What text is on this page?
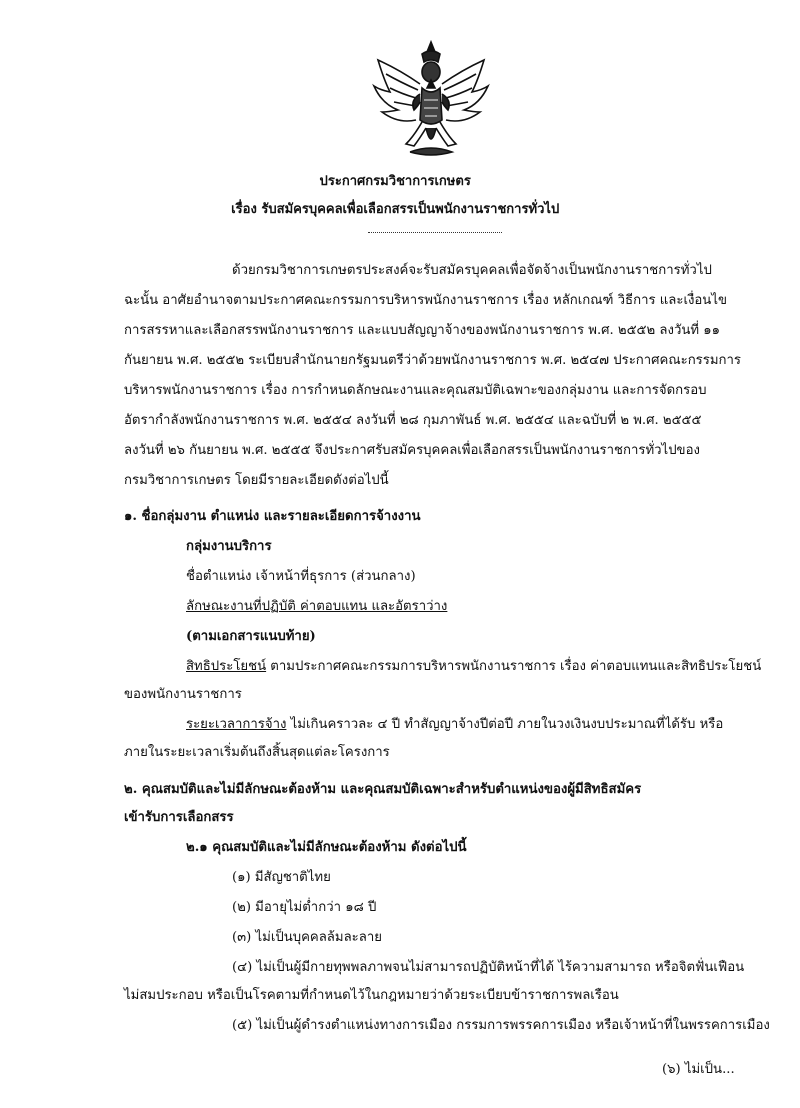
ประกาศกรมวิชาการเกษตร
เรื่อง รับสมัครบุคคลเพื่อเลือกสรรเป็นพนักงานราชการทั่วไป
ด้วยกรมวิชาการเกษตรประสงค์จะรับสมัครบุคคลเพื่อจัดจ้างเป็นพนักงานราชการทั่วไป
ฉะนั้น อาศัยอำนาจตามประกาศคณะกรรมการบริหารพนักงานราชการ เรื่อง หลักเกณฑ์ วิธีการ และเงื่อนไข
การสรรหาและเลือกสรรพนักงานราชการ และแบบสัญญาจ้างของพนักงานราชการ พ.ศ. ๒๕๕๒ ลงวันที่ ๑๑
กันยายน พ.ศ. ๒๕๕๒ ระเบียบสำนักนายกรัฐมนตรีว่าด้วยพนักงานราชการ พ.ศ. ๒๕๔๗ ประกาศคณะกรรมการ
บริหารพนักงานราชการ เรื่อง การกำหนดลักษณะงานและคุณสมบัติเฉพาะของกลุ่มงาน และการจัดกรอบ
อัตรากำลังพนักงานราชการ พ.ศ. ๒๕๕๔ ลงวันที่ ๒๘ กุมภาพันธ์ พ.ศ. ๒๕๕๔ และฉบับที่ ๒ พ.ศ. ๒๕๕๕
ลงวันที่ ๒๖ กันยายน พ.ศ. ๒๕๕๕ จึงประกาศรับสมัครบุคคลเพื่อเลือกสรรเป็นพนักงานราชการทั่วไปของ
กรมวิชาการเกษตร โดยมีรายละเอียดดังต่อไปนี้
๑. ชื่อกลุ่มงาน ตำแหน่ง และรายละเอียดการจ้างงาน
กลุ่มงานบริการ
ชื่อตำแหน่ง เจ้าหน้าที่ธุรการ (ส่วนกลาง)
ลักษณะงานที่ปฏิบัติ ค่าตอบแทน และอัตราว่าง
(ตามเอกสารแนบท้าย)
สิทธิประโยชน์ ตามประกาศคณะกรรมการบริหารพนักงานราชการ เรื่อง ค่าตอบแทนและสิทธิประโยชน์
ของพนักงานราชการ
ระยะเวลาการจ้าง ไม่เกินคราวละ ๔ ปี ทำสัญญาจ้างปีต่อปี ภายในวงเงินงบประมาณที่ได้รับ หรือ
ภายในระยะเวลาเริ่มต้นถึงสิ้นสุดแต่ละโครงการ
๒. คุณสมบัติและไม่มีลักษณะต้องห้าม และคุณสมบัติเฉพาะสำหรับตำแหน่งของผู้มีสิทธิสมัคร
เข้ารับการเลือกสรร
๒.๑ คุณสมบัติและไม่มีลักษณะต้องห้าม ดังต่อไปนี้
(๑) มีสัญชาติไทย
(๒) มีอายุไม่ต่ำกว่า ๑๘ ปี
(๓) ไม่เป็นบุคคลล้มละลาย
(๔) ไม่เป็นผู้มีกายทุพพลภาพจนไม่สามารถปฏิบัติหน้าที่ได้ ไร้ความสามารถ หรือจิตฟั่นเฟือน
ไม่สมประกอบ หรือเป็นโรคตามที่กำหนดไว้ในกฎหมายว่าด้วยระเบียบข้าราชการพลเรือน
(๕) ไม่เป็นผู้ดำรงตำแหน่งทางการเมือง กรรมการพรรคการเมือง หรือเจ้าหน้าที่ในพรรคการเมือง
(๖) ไม่เป็น...
